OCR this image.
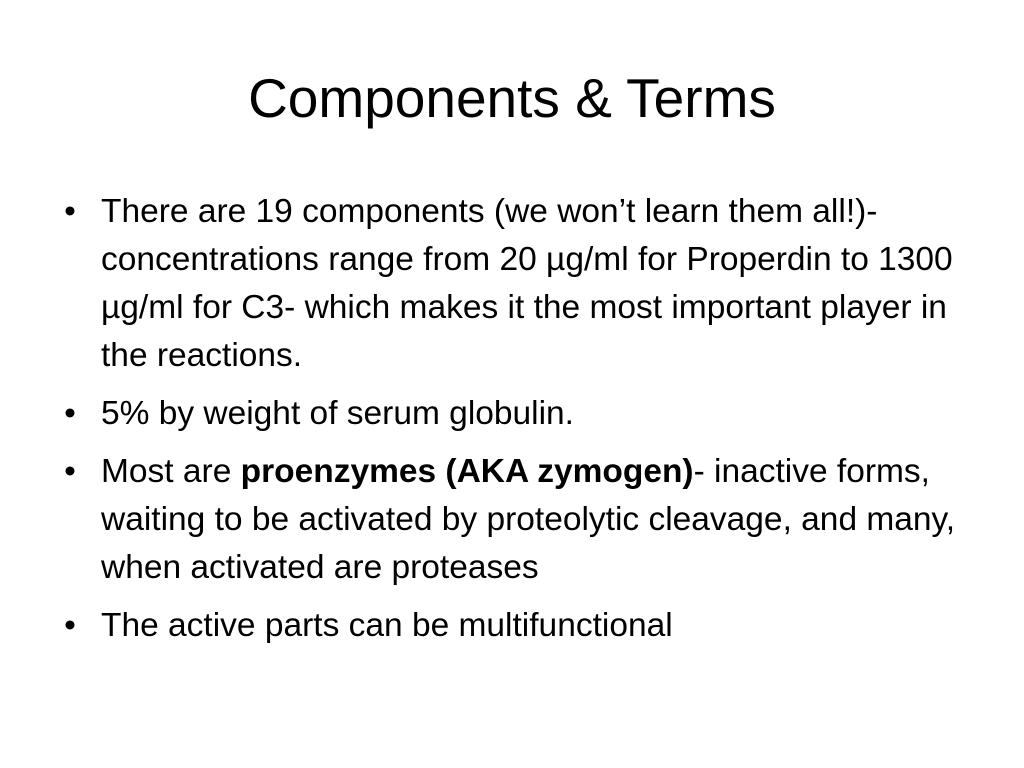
Components & Terms
• There are 19 components (we won’t learn them all!)- concentrations range from 20 µg/ml for Properdin to 1300 µg/ml for C3- which makes it the most important player in the reactions.
• 5% by weight of serum globulin.
• Most are proenzymes (AKA zymogen)- inactive forms, waiting to be activated by proteolytic cleavage, and many, when activated are proteases
• The active parts can be multifunctional
